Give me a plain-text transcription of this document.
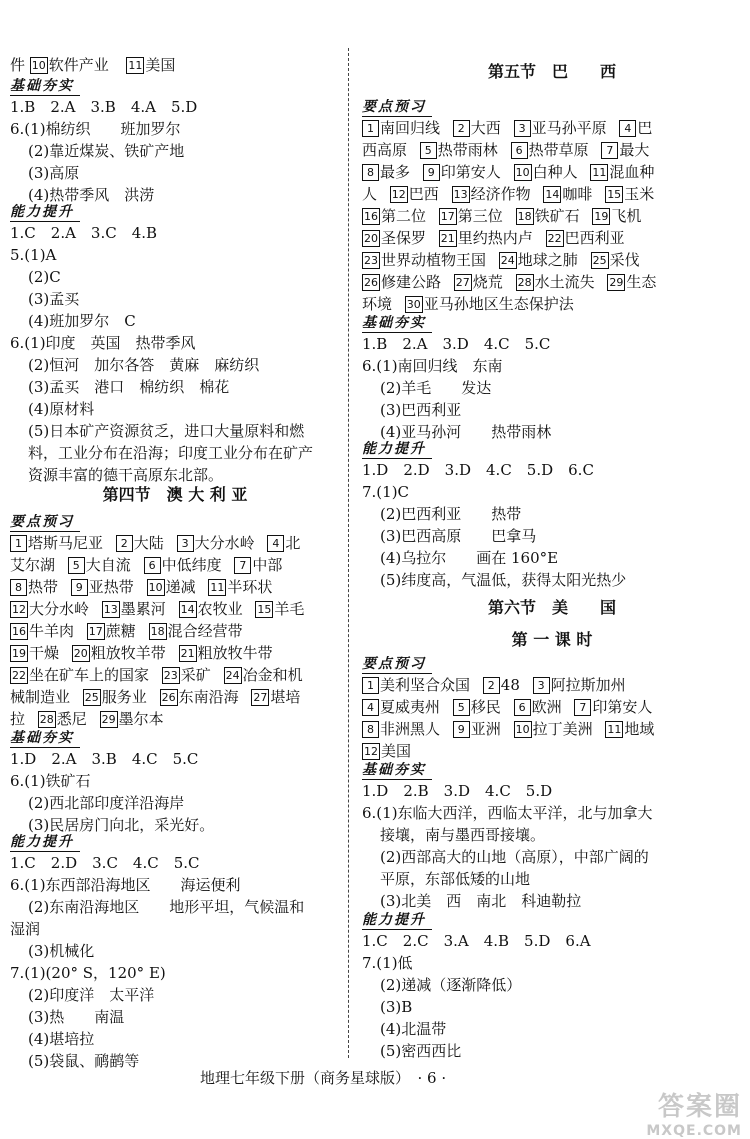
件 10 软件产业 11 美国
基础夯实
1.B　2.A　3.B　4.A　5.D
6.(1)棉纺织　　班加罗尔
(2)靠近煤炭、铁矿产地
(3)高原
(4)热带季风　洪涝
能力提升
1.C　2.A　3.C　4.B
5.(1)A
(2)C
(3)孟买
(4)班加罗尔　C
6.(1)印度　英国　热带季风
(2)恒河　加尔各答　黄麻　麻纺织
(3)孟买　港口　棉纺织　棉花
(4)原材料
(5)日本矿产资源贫乏，进口大量原料和燃
料，工业分布在沿海；印度工业分布在矿产
资源丰富的德干高原东北部。
第四节　澳 大 利 亚
要点预习
1 塔斯马尼亚 2 大陆 3 大分水岭 4 北
艾尔湖 5 大自流 6 中低纬度 7 中部
8 热带 9 亚热带 10 递减 11 半环状
12 大分水岭 13 墨累河 14 农牧业 15 羊毛
16 牛羊肉 17 蔗糖 18 混合经营带
19 干燥 20 粗放牧羊带 21 粗放牧牛带
22 坐在矿车上的国家 23 采矿 24 冶金和机
械制造业 25 服务业 26 东南沿海 27 堪培
拉 28 悉尼 29 墨尔本
基础夯实
1.D　2.A　3.B　4.C　5.C
6.(1)铁矿石
(2)西北部印度洋沿海岸
(3)民居房门向北，采光好。
能力提升
1.C　2.D　3.C　4.C　5.C
6.(1)东西部沿海地区　　海运便利
(2)东南沿海地区　　地形平坦，气候温和
湿润
(3)机械化
7.(1)(20° S，120° E)
(2)印度洋　太平洋
(3)热　　南温
(4)堪培拉
(5)袋鼠、鸸鹋等
第五节　巴　　西
要点预习
1 南回归线 2 大西 3 亚马孙平原 4 巴
西高原 5 热带雨林 6 热带草原 7 最大
8 最多 9 印第安人 10 白种人 11 混血种
人 12 巴西 13 经济作物 14 咖啡 15 玉米
16 第二位 17 第三位 18 铁矿石 19 飞机
20 圣保罗 21 里约热内卢 22 巴西利亚
23 世界动植物王国 24 地球之肺 25 采伐
26 修建公路 27 烧荒 28 水土流失 29 生态
环境 30 亚马孙地区生态保护法
基础夯实
1.B　2.A　3.D　4.C　5.C
6.(1)南回归线　东南
(2)羊毛　　发达
(3)巴西利亚
(4)亚马孙河　　热带雨林
能力提升
1.D　2.D　3.D　4.C　5.D　6.C
7.(1)C
(2)巴西利亚　　热带
(3)巴西高原　　巴拿马
(4)乌拉尔　　画在 160°E
(5)纬度高，气温低，获得太阳光热少
第六节　美　　国
第 一 课 时
要点预习
1 美利坚合众国 2 48 3 阿拉斯加州
4 夏威夷州 5 移民 6 欧洲 7 印第安人
8 非洲黑人 9 亚洲 10 拉丁美洲 11 地域
12 美国
基础夯实
1.D　2.B　3.D　4.C　5.D
6.(1)东临大西洋，西临太平洋，北与加拿大
接壤，南与墨西哥接壤。
(2)西部高大的山地（高原），中部广阔的
平原，东部低矮的山地
(3)北美　西　南北　科迪勒拉
能力提升
1.C　2.C　3.A　4.B　5.D　6.A
7.(1)低
(2)递减（逐渐降低）
(3)B
(4)北温带
(5)密西西比
地理七年级下册（商务星球版）　· 6 ·
答案圈
MXQE.COM
